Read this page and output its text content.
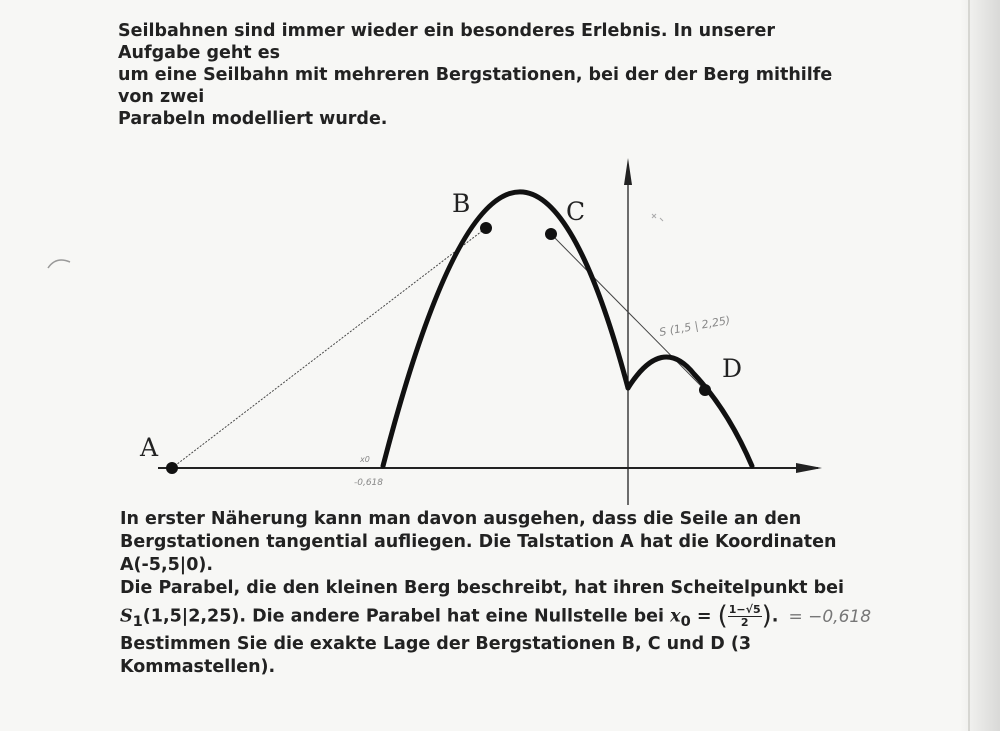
Seilbahnen sind immer wieder ein besonderes Erlebnis. In unserer Aufgabe geht es
um eine Seilbahn mit mehreren Bergstationen, bei der der Berg mithilfe von zwei
Parabeln modelliert wurde.
A
B	C
D
x0
-0,618
S (1,5 | 2,25)

In erster Näherung kann man davon ausgehen, dass die Seile an den

Bergstationen tangential aufliegen. Die Talstation A hat die Koordinaten A(-5,5|0).

Die Parabel, die den kleinen Berg beschreibt, hat ihren Scheitelpunkt bei

$S_1(1,5|2,25)$. Die andere Parabel hat eine Nullstelle bei $x_0$ = ( $\frac{1-√5}{2}$ ). = −0,618

Bestimmen Sie die exakte Lage der Bergstationen B, C und D (3 Kommastellen).
